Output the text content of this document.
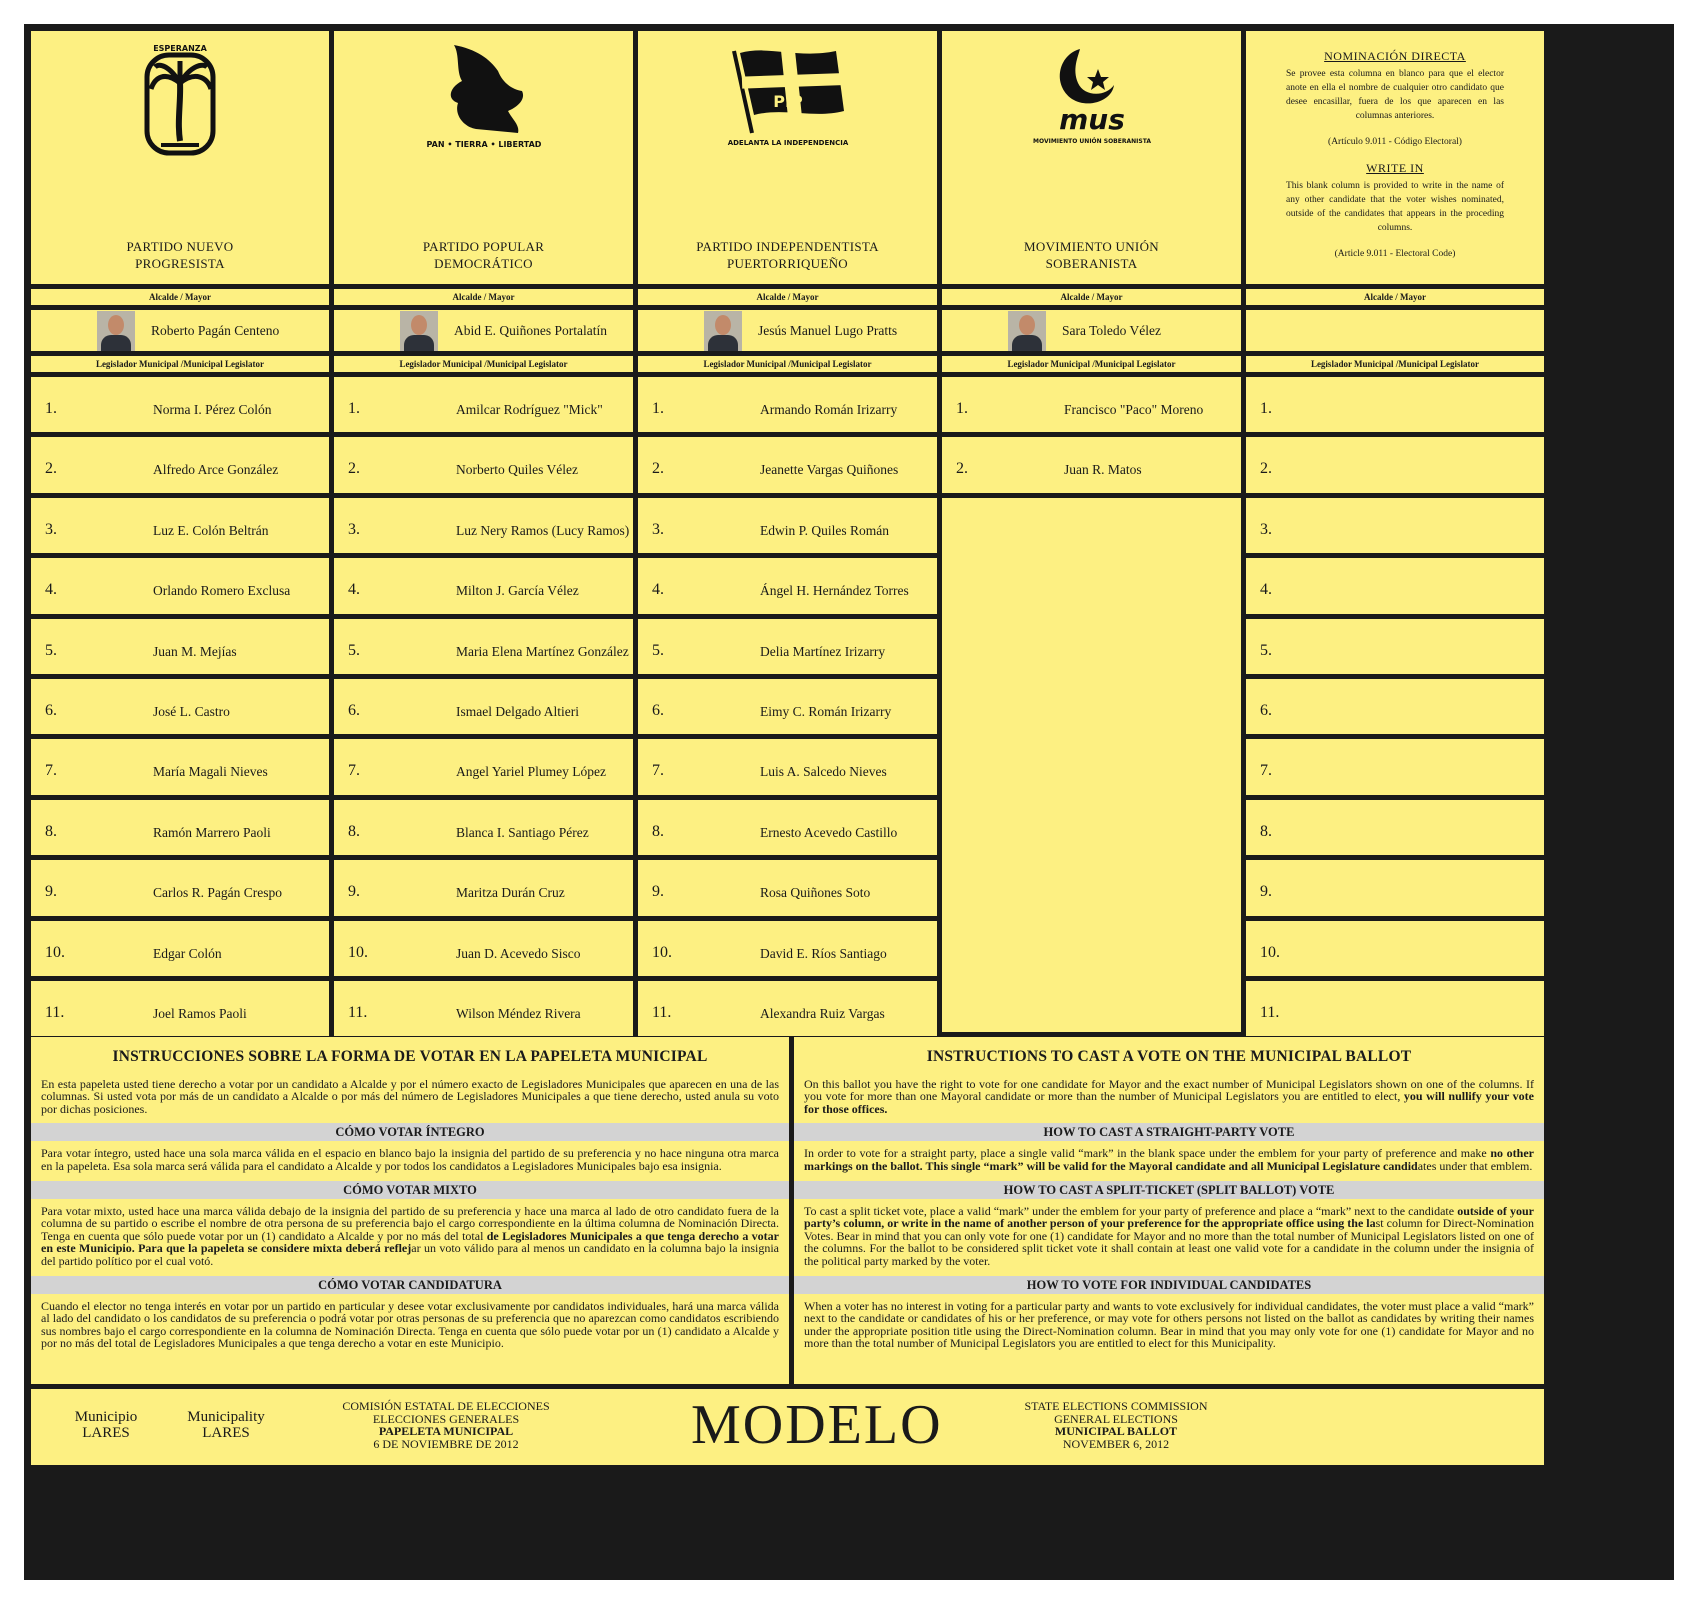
ESPERANZA
PARTIDO NUEVO
PROGRESISTA
PAN • TIERRA • LIBERTAD
PARTIDO POPULAR
DEMOCRÁTICO
PIP
ADELANTA LA INDEPENDENCIA
PARTIDO INDEPENDENTISTA
PUERTORRIQUEÑO
mus
MOVIMIENTO UNIÓN SOBERANISTA
MOVIMIENTO UNIÓN
SOBERANISTA
NOMINACIÓN DIRECTA

Se provee esta columna en blanco para que el elector anote en ella el nombre de cualquier otro candidato que desee encasillar, fuera de los que aparecen en las columnas anteriores.

(Artículo 9.011 - Código Electoral)

WRITE IN

This blank column is provided to write in the name of any other candidate that the voter wishes nominated, outside of the candidates that appears in the proceding columns.

(Article 9.011 - Electoral Code)

INSTRUCCIONES SOBRE LA FORMA DE VOTAR EN LA PAPELETA MUNICIPAL

En esta papeleta usted tiene derecho a votar por un candidato a Alcalde y por el número exacto de Legisladores Municipales que aparecen en una de las columnas. Si usted vota por más de un candidato a Alcalde o por más del número de Legisladores Municipales a que tiene derecho, usted anula su voto por dichas posiciones.

CÓMO VOTAR ÍNTEGRO

Para votar íntegro, usted hace una sola marca válida en el espacio en blanco bajo la insignia del partido de su preferencia y no hace ninguna otra marca en la papeleta. Esa sola marca será válida para el candidato a Alcalde y por todos los candidatos a Legisladores Municipales bajo esa insignia.

CÓMO VOTAR MIXTO

Para votar mixto, usted hace una marca válida debajo de la insignia del partido de su preferencia y hace una marca al lado de otro candidato fuera de la columna de su partido o escribe el nombre de otra persona de su preferencia bajo el cargo correspondiente en la última columna de Nominación Directa. Tenga en cuenta que sólo puede votar por un (1) candidato a Alcalde y por no más del total de Legisladores Municipales a que tenga derecho a votar en este Municipio. Para que la papeleta se considere mixta deberá reflejar un voto válido para al menos un candidato en la columna bajo la insignia del partido político por el cual votó.

CÓMO VOTAR CANDIDATURA

Cuando el elector no tenga interés en votar por un partido en particular y desee votar exclusivamente por candidatos individuales, hará una marca válida al lado del candidato o los candidatos de su preferencia o podrá votar por otras personas de su preferencia que no aparezcan como candidatos escribiendo sus nombres bajo el cargo correspondiente en la columna de Nominación Directa. Tenga en cuenta que sólo puede votar por un (1) candidato a Alcalde y por no más del total de Legisladores Municipales a que tenga derecho a votar en este Municipio.

INSTRUCTIONS TO CAST A VOTE ON THE MUNICIPAL BALLOT

On this ballot you have the right to vote for one candidate for Mayor and the exact number of Municipal Legislators shown on one of the columns. If you vote for more than one Mayoral candidate or more than the number of Municipal Legislators you are entitled to elect, you will nullify your vote for those offices.

HOW TO CAST A STRAIGHT-PARTY VOTE

In order to vote for a straight party, place a single valid “mark” in the blank space under the emblem for your party of preference and make no other markings on the ballot. This single “mark” will be valid for the Mayoral candidate and all Municipal Legislature candidates under that emblem.

HOW TO CAST A SPLIT-TICKET (SPLIT BALLOT) VOTE

To cast a split ticket vote, place a valid “mark” under the emblem for your party of preference and place a “mark” next to the candidate outside of your party’s column, or write in the name of another person of your preference for the appropriate office using the last column for Direct-Nomination Votes. Bear in mind that you can only vote for one (1) candidate for Mayor and no more than the total number of Municipal Legislators listed on one of the columns. For the ballot to be considered split ticket vote it shall contain at least one valid vote for a candidate in the column under the insignia of the political party marked by the voter.

HOW TO VOTE FOR INDIVIDUAL CANDIDATES

When a voter has no interest in voting for a particular party and wants to vote exclusively for individual candidates, the voter must place a valid “mark” next to the candidate or candidates of his or her preference, or may vote for others persons not listed on the ballot as candidates by writing their names under the appropriate position title using the Direct-Nomination column. Bear in mind that you may only vote for one (1) candidate for Mayor and no more than the total number of Municipal Legislators you are entitled to elect for this Municipality.

Municipio
LARES
Municipality
LARES
COMISIÓN ESTATAL DE ELECCIONES
ELECCIONES GENERALES
PAPELETA MUNICIPAL
6 DE NOVIEMBRE DE 2012	MODELO	STATE ELECTIONS COMMISSION
GENERAL ELECTIONS
MUNICIPAL BALLOT
NOVEMBER 6, 2012
Alcalde / Mayor
Roberto Pagán Centeno
Legislador Municipal /Municipal Legislator
1.	Norma I. Pérez Colón
2.	Alfredo Arce González
3.	Luz E. Colón Beltrán
4.	Orlando Romero Exclusa
5.	Juan M. Mejías
6.	José L. Castro
7.	María Magali Nieves
8.	Ramón Marrero Paoli
9.	Carlos R. Pagán Crespo
10.	Edgar Colón
11.	Joel Ramos Paoli
Alcalde / Mayor
Abid E. Quiñones Portalatín
Legislador Municipal /Municipal Legislator
1.	Amilcar Rodríguez "Mick"
2.	Norberto Quiles Vélez
3.	Luz Nery Ramos (Lucy Ramos)
4.	Milton J. García Vélez
5.	Maria Elena Martínez González
6.	Ismael Delgado Altieri
7.	Angel Yariel Plumey López
8.	Blanca I. Santiago Pérez
9.	Maritza Durán Cruz
10.	Juan D. Acevedo Sisco
11.	Wilson Méndez Rivera
Alcalde / Mayor
Jesús Manuel Lugo Pratts
Legislador Municipal /Municipal Legislator
1.	Armando Román Irizarry
2.	Jeanette Vargas Quiñones
3.	Edwin P. Quiles Román
4.	Ángel H. Hernández Torres
5.	Delia Martínez Irizarry
6.	Eimy C. Román Irizarry
7.	Luis A. Salcedo Nieves
8.	Ernesto Acevedo Castillo
9.	Rosa Quiñones Soto
10.	David E. Ríos Santiago
11.	Alexandra Ruiz Vargas
Alcalde / Mayor
Sara Toledo Vélez
Legislador Municipal /Municipal Legislator
1.	Francisco "Paco" Moreno
2.	Juan R. Matos
Alcalde / Mayor
Legislador Municipal /Municipal Legislator
1.
2.
3.
4.
5.
6.
7.
8.
9.
10.
11.
